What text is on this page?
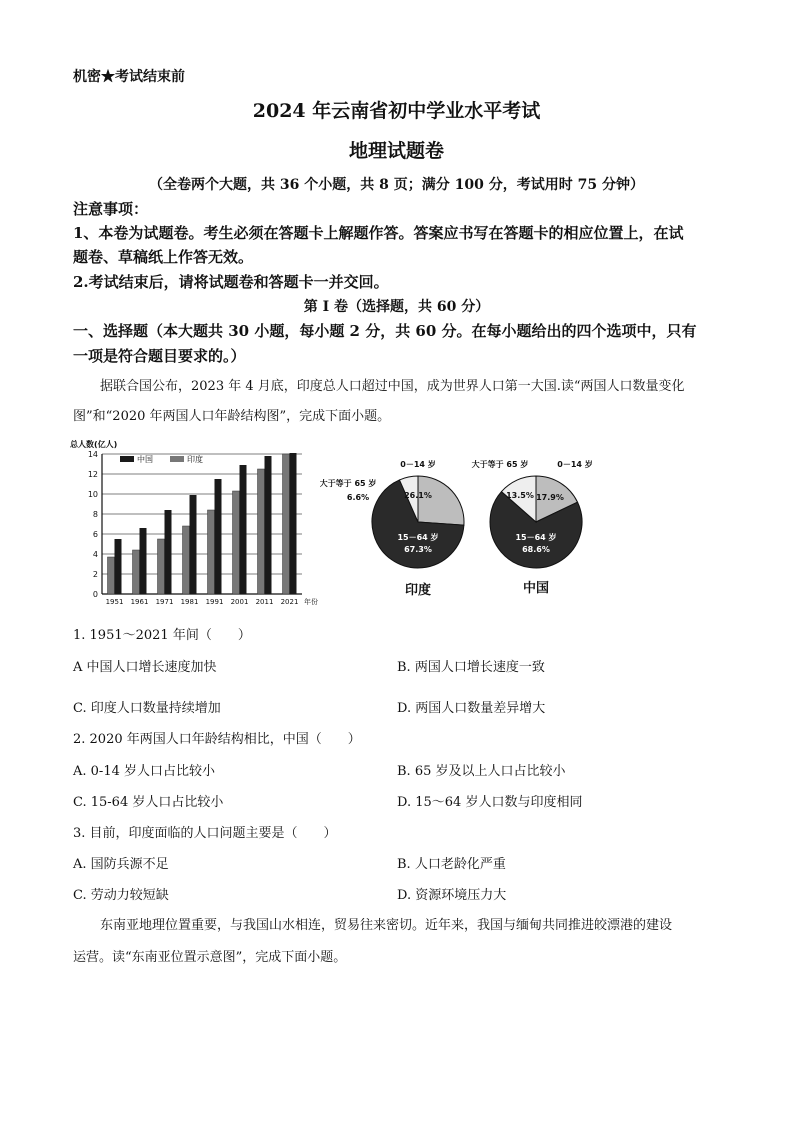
机密★考试结束前
2024 年云南省初中学业水平考试
地理试题卷
（全卷两个大题，共 36 个小题，共 8 页；满分 100 分，考试用时 75 分钟）
注意事项：
1、本卷为试题卷。考生必须在答题卡上解题作答。答案应书写在答题卡的相应位置上，在试
题卷、草稿纸上作答无效。
2.考试结束后，请将试题卷和答题卡一并交回。
第 I 卷（选择题，共 60 分）
一、选择题（本大题共 30 小题，每小题 2 分，共 60 分。在每小题给出的四个选项中，只有
一项是符合题目要求的。）
据联合国公布，2023 年 4 月底，印度总人口超过中国，成为世界人口第一大国.读“两国人口数量变化
图”和“2020 年两国人口年龄结构图”，完成下面小题。
总人数(亿人)
0
2
4
6
8
10
12
14
1951 1961 1971 1981 1991 2001 2011 2021 年份
中国	印度
0－14 岁
26.1%
15－64 岁
67.3%
大于等于 65 岁
6.6%
印度
0－14 岁
17.9%
15－64 岁
68.6%
大于等于 65 岁
13.5%
中国
1. 1951～2021 年间（　　）
A 中国人口增长速度加快	B. 两国人口增长速度一致
C. 印度人口数量持续增加	D. 两国人口数量差异增大
2. 2020 年两国人口年龄结构相比，中国（　　）
A. 0-14 岁人口占比较小	B. 65 岁及以上人口占比较小
C. 15-64 岁人口占比较小	D. 15～64 岁人口数与印度相同
3. 目前，印度面临的人口问题主要是（　　）
A. 国防兵源不足	B. 人口老龄化严重
C. 劳动力较短缺	D. 资源环境压力大
东南亚地理位置重要，与我国山水相连，贸易往来密切。近年来，我国与缅甸共同推进皎漂港的建设
运营。读“东南亚位置示意图”，完成下面小题。
